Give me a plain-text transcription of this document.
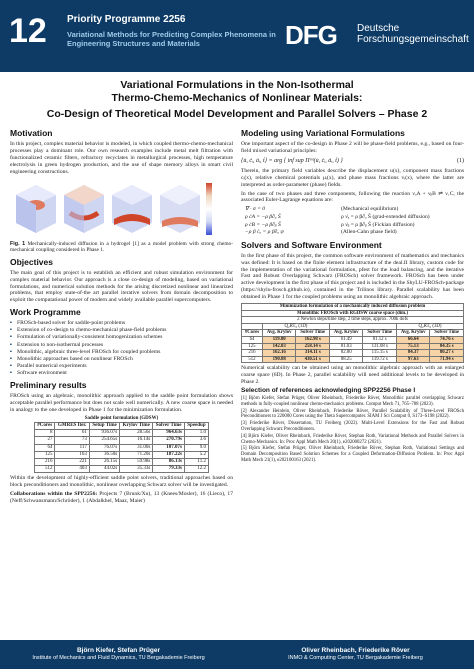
12 Priority Programme 2256
Variational Methods for Predicting Complex Phenomena in Engineering Structures and Materials	DFG Deutsche
Forschungsgemeinschaft
Variational Formulations in the Non-Isothermal
Thermo-Chemo-Mechanics of Nonlinear Materials:
Co-Design of Theoretical Model Development and Parallel Solvers – Phase 2
Motivation

In this project, complex material behavior is modeled, in which coupled thermo-chemo-mechanical processes play a dominant role. Our own research examples include metal melt filtration with functionalized ceramic filters, refractory recyclates in metallurgical processes, high temperature electrolysis in green hydrogen production, and the use of shape memory alloys in smart civil engineering constructions.

Fig. 1 Mechanically-induced diffusion in a hydrogel [1] as a model problem with strong chemo-mechanical coupling considered in Phase 1.
Objectives

The main goal of this project is to establish an efficient and robust simulation environment for complex material behavior. Our approach is a close co-design of modeling, based on variational formulations, and numerical solution methods for the arising discretized nonlinear and linearized problems, that employ state-of-the art parallel iterative solvers from domain decomposition to exploit the computational power of modern and widely available parallel supercomputers.

Work Programme
▪ FROSch-based solver for saddle-point problems
▪ Extension of co-design to chemo-mechanical phase-field problems
▪ Formulation of variationally-consistent homogenization schemes
▪ Extension to non-isothermal processes
▪ Monolithic, algebraic three-level FROSch for coupled problems
▪ Monolithic approaches based on nonlinear FROSch
▪ Parallel numerical experiments
▪ Software environment
Preliminary results

FROSch using an algebraic, monolithic approach applied to the saddle point formulation shows acceptable parallel performance but does not scale well numerically. A new coarse space is needed in analogy to the one developed in Phase 1 for the minimization formulation.

Saddle point formulation (GDSW)					
#Cores	GMRES Iter.	Setup Time	Krylov Time	Solver Time	Speedup
8	61	936.07s	28.56s	964.63s	1.0
27	73	254.65s	16.14s	270.79s	3.6
64	117	76.07s	31.00s	107.07s	9.0
125	163	36.50s	71.20s	187.22s	5.2
216	221	26.15s	59.98s	86.13s	11.2
512	403	44.02s	35.33s	79.33s	12.2

Within the development of highly-efficient saddle point solvers, traditional approaches based on block preconditioners and monolithic, nonlinear overlapping Schwarz solver will be investigated.

Collaborations within the SPP2256: Projects 7 (Brunk/Xu), 13 (Knees/Mosler), 16 (Lieco), 17 (Neff/Schwansmann/Schröder), 1 (Abdalkhel, Maaz, Maier)
Modeling using Variational Formulations

One important aspect of the co-design in Phase 2 will be phase-field problems, e.g., based on four-field mixed variational principles:

{u̇, ċᵢ, ȧᵢ, ṫ} = arg { inf sup Πʳᵒᵗ(u̇, ċᵢ, ȧᵢ, ṫ) }	(1)

Therein, the primary field variables describe the displacement u(x), component mass fractions cᵢ(x), relative chemical potentials μᵢ(x), and phase mass fractions vᵢ(x), where the latter are interpreted as order-parameter (phase) fields.

In the case of two phases and three components, following the reaction νₐA + νᵦB ⇌ ν꜀C, the associated Euler-Lagrange equations are:

∇ · σ = 0	(Mechanical equilibrium)
ρ ċA = −ρ β∂ₐ Ŝ	ρ ν̇ₐ = ρ β∂ₐ Ŝ (grad-extended diffusion)
ρ ċB = −ρ β∂ᵦ Ŝ	ρ ν̇ᵦ = ρ β∂ᵦ Ŝ (Fickian diffusion)
−ρ β ċₐ = ρ β∂ₐ ψ	(Allen-Cahn phase field)
Solvers and Software Environment

In the first phase of this project, the common software environment of mathematics and mechanics was defined: It is based on the finite element infrastructure of the deal.II library, custom code for the implementation of the variational formulation, pfest for the load balancing, and the iterative Fast and Robust Overlapping Schwarz (FROSch) solver framework. FROSch has been under active development in the first phase of this project and is included in the ShyLU-FROSch-package (https://shylu-frosch.github.io), contained in the Trilinos library. Parallel scalability has been obtained in Phase 1 for the coupled problems using an monolithic algebraic approach.

Minimization formulation of a mechanically induced diffusion problem						
Monolithic FROSch with RGDSW coarse space (dim.)						
2 Newton steps/time step, 2 time steps, approx. 700k dofs						
	Q₂RT₀ (1D)				Q₂RT₀ (3D)	
#Cores	Avg. Krylov	Solver Time	Avg. Krylov	Solver Time	Avg. Krylov	Solver Time
64	119.80	162.98 s	61.49	81.12 s	66.64	74.76 s
125	142.03	258.14 s	81.03	131.08 s	75.13	84.35 s
216	162.16	314.11 s	82.80	115.15 s	84.37	80.27 s
512	190.88	430.51 s	88.25	119.72 s	97.63	71.94 s

Numerical scalability can be obtained using an monolithic algebraic approach with an enlarged coarse space (6D). In Phase 2, parallel scalability will need additional levels to be developed in Phase 2.

Selection of references acknowledging SPP2256 Phase I
[1] Björn Kiefer, Stefan Prüger, Oliver Rheinbach, Friederike Röver, Monolithic parallel overlapping Schwarz methods in fully-coupled nonlinear chemo-mechanics problems. Comput Mech 71, 765–788 (2023).
[2] Alexander Heinlein, Oliver Rheinbach, Friederike Röver, Parallel Scalability of Three-Level FROSch Preconditioners to 220000 Cores using the Theta Supercomputer. SIAM J Sci Comput 0, S173–S198 (2022).
[3] Friederike Röver, Dissertation, TU Freiberg (2022). Multi-Level Extensions for the Fast and Robust Overlapping Schwarz Preconditioners.
[4] Björn Kiefer, Oliver Rheinbach, Friederike Röver, Stephan Roth, Variational Methods and Parallel Solvers in Chemo-Mechanics. In: Proc Appl Math Mech 20(1), e202000272 (2021).
[5] Björn Kiefer, Stefan Prüger, Oliver Rheinbach, Friederike Röver, Stephan Roth, Variational Settings and Domain Decomposition Based Solution Schemes for a Coupled Deformation-Diffusion Problem. In: Proc Appl Math Mech 21(1), e202100163 (2021).
Björn Kiefer, Stefan Prüger
Institute of Mechanics and Fluid Dynamics, TU Bergakademie Freiberg
Oliver Rheinbach, Friederike Röver
INMO & Computing Center, TU Bergakademie Freiberg
